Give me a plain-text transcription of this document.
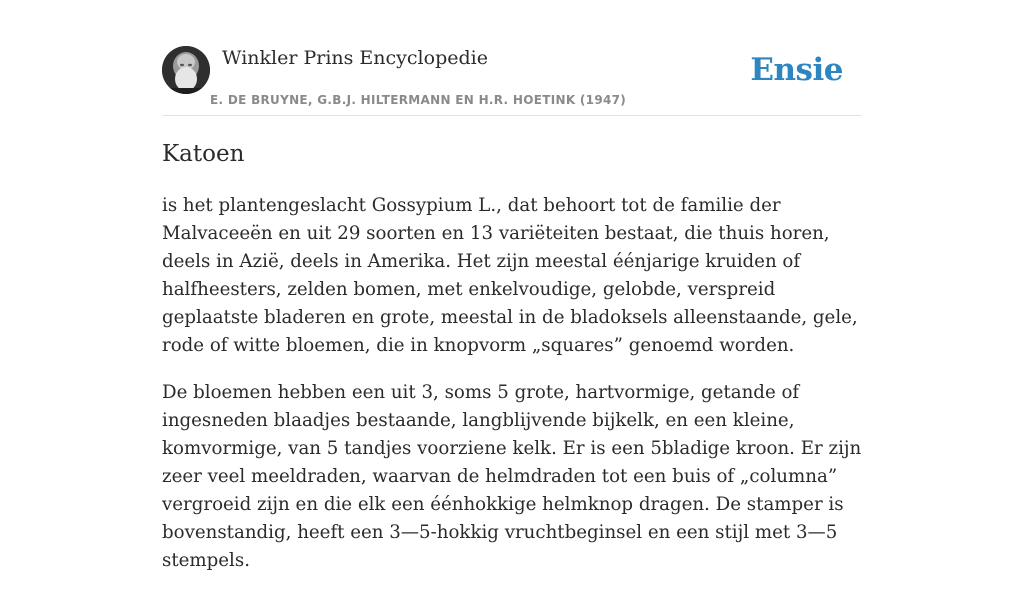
Winkler Prins Encyclopedie
E. DE BRUYNE, G.B.J. HILTERMANN EN H.R. HOETINK (1947)
Ensie
Katoen

is het plantengeslacht Gossypium L., dat behoort tot de familie der Malvaceeën en uit 29 soorten en 13 variëteiten bestaat, die thuis horen, deels in Azië, deels in Amerika. Het zijn meestal éénjarige kruiden of halfheesters, zelden bomen, met enkelvoudige, gelobde, verspreid geplaatste bladeren en grote, meestal in de bladoksels alleenstaande, gele, rode of witte bloemen, die in knopvorm „squares” genoemd worden.

De bloemen hebben een uit 3, soms 5 grote, hartvormige, getande of ingesneden blaadjes bestaande, langblijvende bijkelk, en een kleine, komvormige, van 5 tandjes voorziene kelk. Er is een 5bladige kroon. Er zijn zeer veel meeldraden, waarvan de helmdraden tot een buis of „columna” vergroeid zijn en die elk een éénhokkige helmknop dragen. De stamper is bovenstandig, heeft een 3—5-hokkig vruchtbeginsel en een stijl met 3—5 stempels.
